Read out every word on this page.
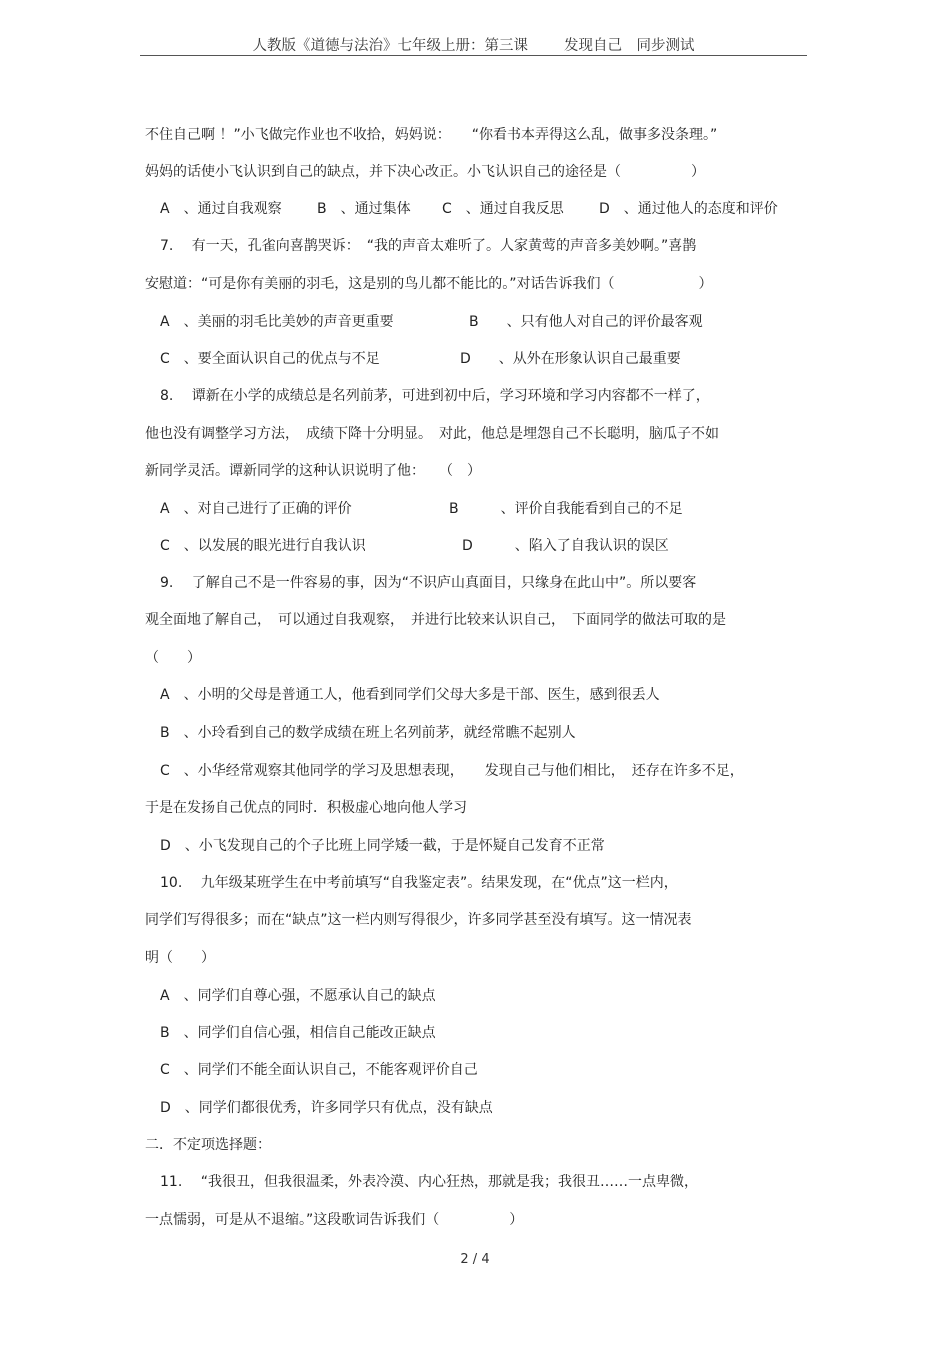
人教版《道德与法治》七年级上册：第三课 发现自己　同步测试
不住自己啊 ！”小飞做完作业也不收拾，妈妈说：　　“你看书本弄得这么乱，做事多没条理。”
妈妈的话使小飞认识到自己的缺点，并下决心改正。小飞认识自己的途径是（　　　　　）
A　、通过自我观察	B　、通过集体 C　、通过自我反思	D　、通过他人的态度和评价
7.　 有一天，孔雀向喜鹊哭诉：　“我的声音太难听了。人家黄莺的声音多美妙啊。”喜鹊
安慰道：“可是你有美丽的羽毛，这是别的鸟儿都不能比的。”对话告诉我们（　　　　　　）
A　、美丽的羽毛比美妙的声音更重要	B　　、只有他人对自己的评价最客观
C　、要全面认识自己的优点与不足	D　　、从外在形象认识自己最重要
8.　 谭新在小学的成绩总是名列前茅，可进到初中后，学习环境和学习内容都不一样了，
他也没有调整学习方法，　成绩下降十分明显。　对此，他总是埋怨自己不长聪明，脑瓜子不如
新同学灵活。谭新同学的这种认识说明了他：　　（　）
A　、对自己进行了正确的评价	B　　　、评价自我能看到自己的不足
C　、以发展的眼光进行自我认识	D　　　、陷入了自我认识的误区
9.　 了解自己不是一件容易的事，因为“不识庐山真面目，只缘身在此山中”。所以要客
观全面地了解自己，　可以通过自我观察，　并进行比较来认识自己，　下面同学的做法可取的是
（　　）
A　、小明的父母是普通工人，他看到同学们父母大多是干部、医生，感到很丢人
B　、小玲看到自己的数学成绩在班上名列前茅，就经常瞧不起别人
C　、小华经常观察其他同学的学习及思想表现，　　发现自己与他们相比，　还存在许多不足，
于是在发扬自己优点的同时．积极虚心地向他人学习
D　、小飞发现自己的个子比班上同学矮一截，于是怀疑自己发育不正常
10.　 九年级某班学生在中考前填写“自我鉴定表”。结果发现，在“优点”这一栏内，
同学们写得很多；而在“缺点”这一栏内则写得很少，许多同学甚至没有填写。这一情况表
明（　　）
A　、同学们自尊心强，不愿承认自己的缺点
B　、同学们自信心强，相信自己能改正缺点
C　、同学们不能全面认识自己，不能客观评价自己
D　、同学们都很优秀，许多同学只有优点，没有缺点
二．不定项选择题：
11.　 “我很丑，但我很温柔，外表冷漠、内心狂热，那就是我；我很丑……一点卑微，
一点懦弱，可是从不退缩。”这段歌词告诉我们（　　　　　）
2 / 4
